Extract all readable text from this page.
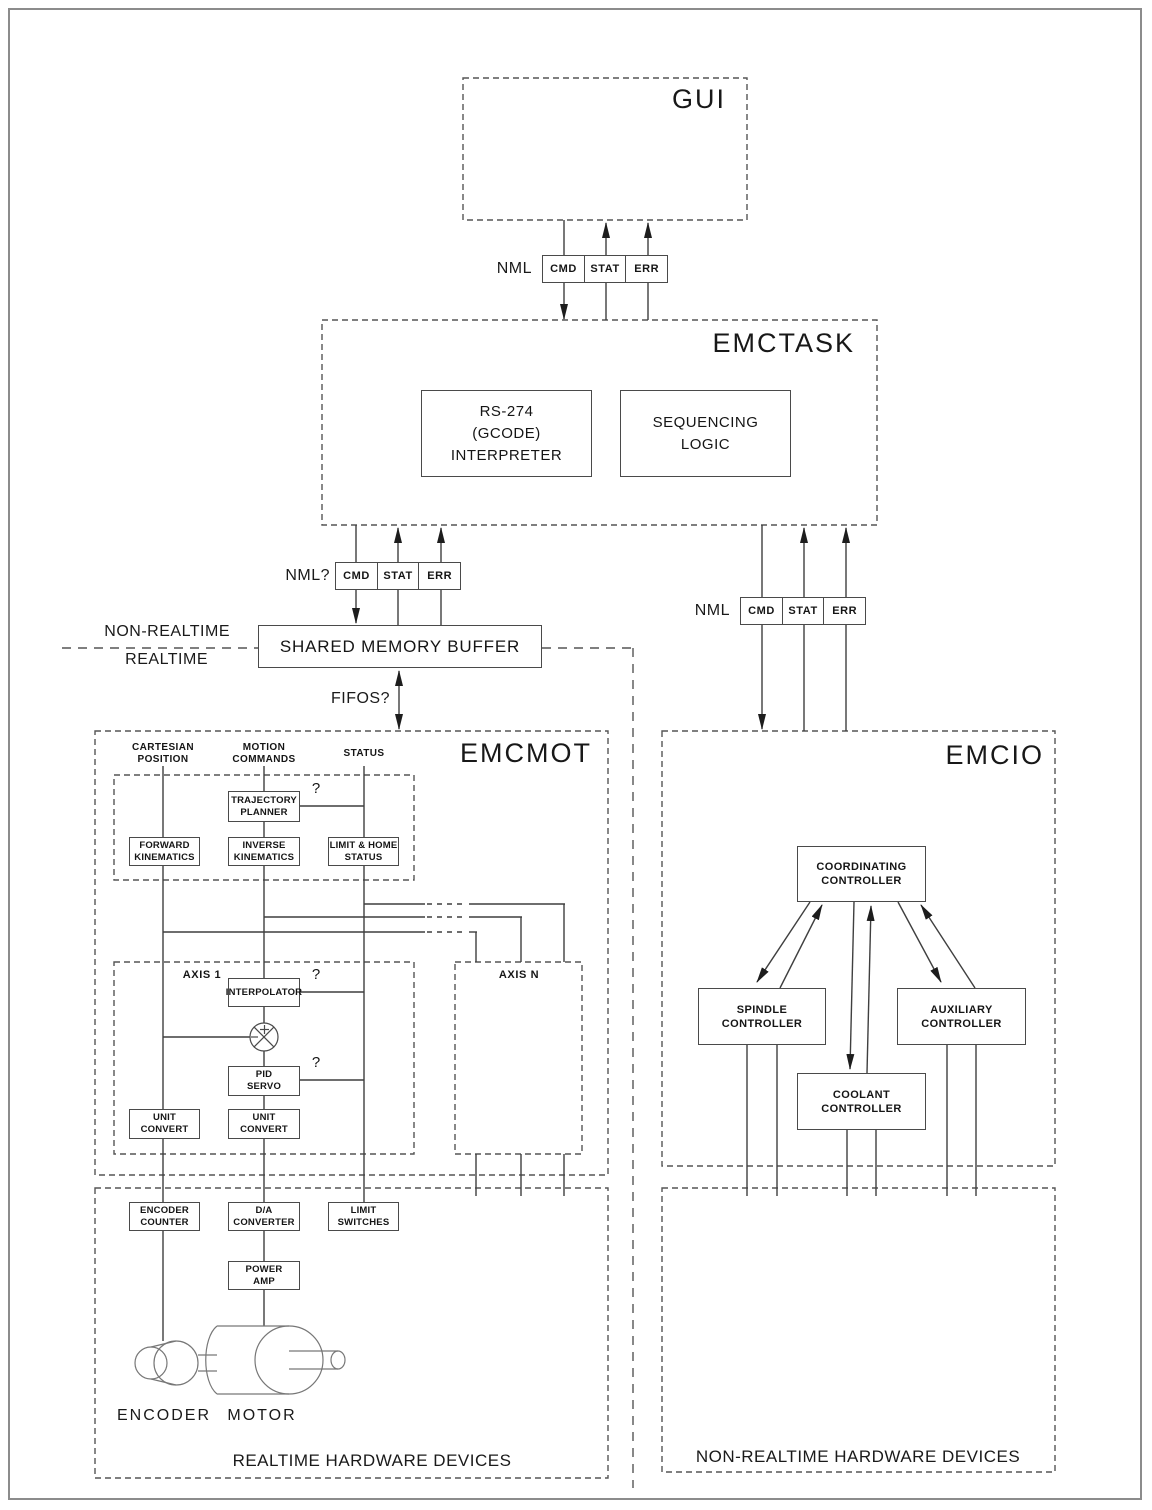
GUI
EMCTASK
EMCMOT	EMCIO
NML	CMD	STAT	ERR
NML?	CMD	STAT	ERR
NML	CMD	STAT	ERR
RS-274
(GCODE)
INTERPRETER
SEQUENCING
LOGIC
NON-REALTIME
REALTIME
SHARED MEMORY BUFFER
FIFOS?
CARTESIAN
POSITION
MOTION
COMMANDS
STATUS
TRAJECTORY
PLANNER
FORWARD
KINEMATICS
INVERSE
KINEMATICS
LIMIT & HOME
STATUS
AXIS 1	AXIS N
?
?
?
INTERPOLATOR
PID
SERVO
UNIT
CONVERT
UNIT
CONVERT
ENCODER
COUNTER
D/A
CONVERTER
LIMIT
SWITCHES
POWER
AMP
ENCODER	MOTOR
REALTIME HARDWARE DEVICES
COORDINATING
CONTROLLER
SPINDLE
CONTROLLER
AUXILIARY
CONTROLLER
COOLANT
CONTROLLER
NON-REALTIME HARDWARE DEVICES
